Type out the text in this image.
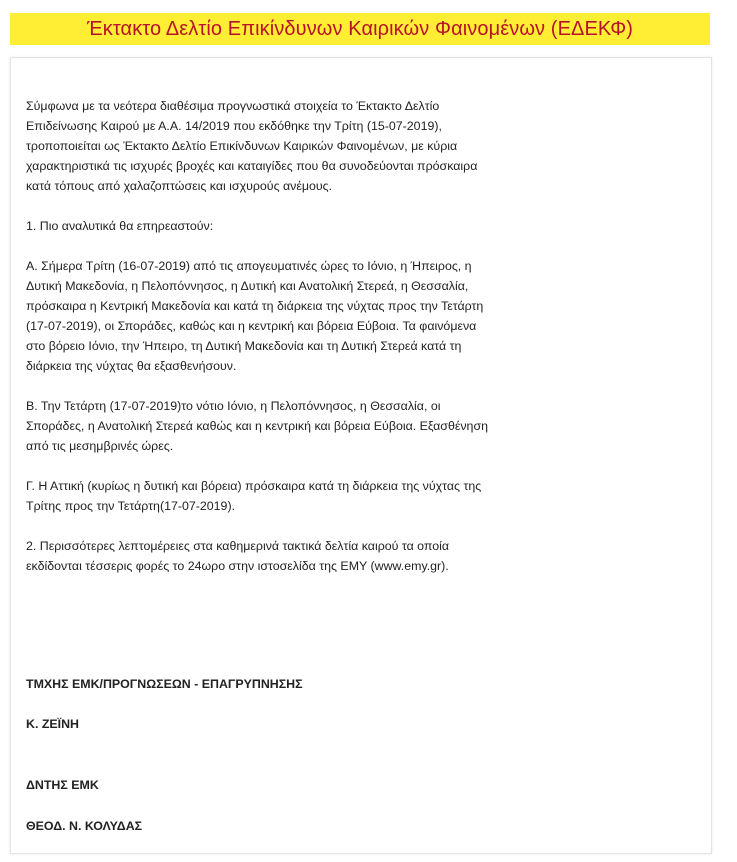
Έκτακτο Δελτίο Επικίνδυνων Καιρικών Φαινομένων (ΕΔΕΚΦ)

Σύμφωνα με τα νεότερα διαθέσιμα προγνωστικά στοιχεία το Έκτακτο Δελτίο Επιδείνωσης Καιρού με Α.Α. 14/2019 που εκδόθηκε την Τρίτη (15-07-2019), τροποποιείται ως Έκτακτο Δελτίο Επικίνδυνων Καιρικών Φαινομένων, με κύρια χαρακτηριστικά τις ισχυρές βροχές και καταιγίδες που θα συνοδεύονται πρόσκαιρα κατά τόπους από χαλαζοπτώσεις και ισχυρούς ανέμους.

1. Πιο αναλυτικά θα επηρεαστούν:

Α. Σήμερα Τρίτη (16-07-2019) από τις απογευματινές ώρες το Ιόνιο, η Ήπειρος, η Δυτική Μακεδονία, η Πελοπόννησος, η Δυτική και Ανατολική Στερεά, η Θεσσαλία, πρόσκαιρα η Κεντρική Μακεδονία και κατά τη διάρκεια της νύχτας προς την Τετάρτη (17-07-2019), οι Σποράδες, καθώς και η κεντρική και βόρεια Εύβοια. Τα φαινόμενα στο βόρειο Ιόνιο, την Ήπειρο, τη Δυτική Μακεδονία και τη Δυτική Στερεά κατά τη διάρκεια της νύχτας θα εξασθενήσουν.

Β. Την Τετάρτη (17-07-2019)το νότιο Ιόνιο, η Πελοπόννησος, η Θεσσαλία, οι Σποράδες, η Ανατολική Στερεά καθώς και η κεντρική και βόρεια Εύβοια. Εξασθένηση από τις μεσημβρινές ώρες.

Γ. Η Αττική (κυρίως η δυτική και βόρεια) πρόσκαιρα κατά τη διάρκεια της νύχτας της Τρίτης προς την Τετάρτη(17-07-2019).

2. Περισσότερες λεπτομέρειες στα καθημερινά τακτικά δελτία καιρού τα οποία εκδίδονται τέσσερις φορές το 24ωρο στην ιστοσελίδα της ΕΜΥ (www.emy.gr).

ΤΜΧΗΣ ΕΜΚ/ΠΡΟΓΝΩΣΕΩΝ - ΕΠΑΓΡΥΠΝΗΣΗΣ

Κ. ΖΕΪΝΗ

ΔΝΤΗΣ ΕΜΚ

ΘΕΟΔ. Ν. ΚΟΛΥΔΑΣ
